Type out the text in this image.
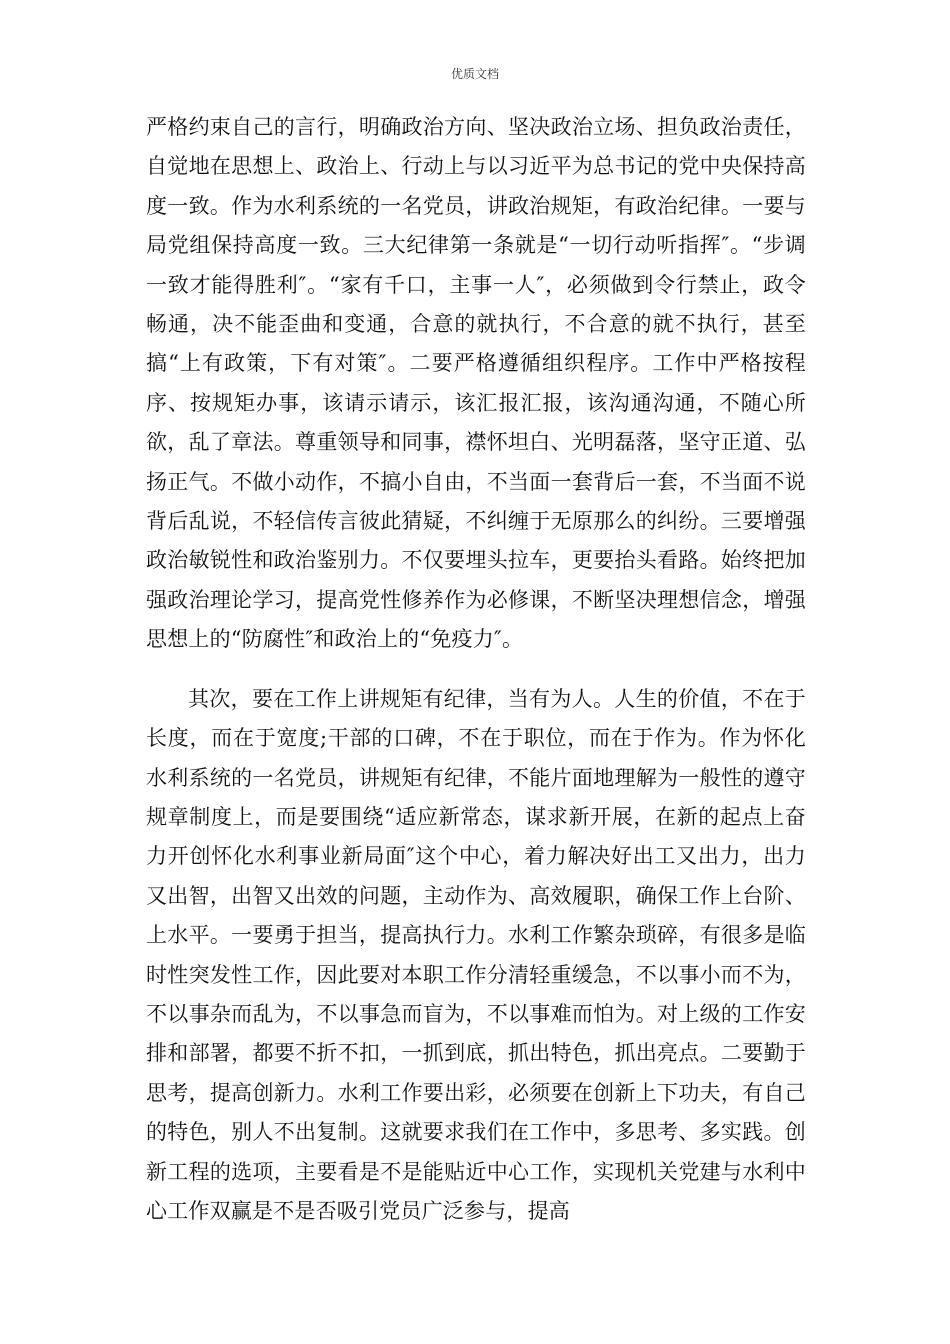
优质文档

严格约束自己的言行，明确政治方向、坚决政治立场、担负政治责任，自觉地在思想上、政治上、行动上与以习近平为总书记的党中央保持高度一致。作为水利系统的一名党员，讲政治规矩，有政治纪律。一要与局党组保持高度一致。三大纪律第一条就是“一切行动听指挥″。“步调一致才能得胜利″。“家有千口，主事一人″，必须做到令行禁止，政令畅通，决不能歪曲和变通，合意的就执行，不合意的就不执行，甚至搞“上有政策，下有对策″。二要严格遵循组织程序。工作中严格按程序、按规矩办事，该请示请示，该汇报汇报，该沟通沟通，不随心所欲，乱了章法。尊重领导和同事，襟怀坦白、光明磊落，坚守正道、弘扬正气。不做小动作，不搞小自由，不当面一套背后一套，不当面不说背后乱说，不轻信传言彼此猜疑，不纠缠于无原那么的纠纷。三要增强政治敏锐性和政治鉴别力。不仅要埋头拉车，更要抬头看路。始终把加强政治理论学习，提高党性修养作为必修课，不断坚决理想信念，增强思想上的“防腐性″和政治上的“免疫力″。

其次，要在工作上讲规矩有纪律，当有为人。人生的价值，不在于长度，而在于宽度;干部的口碑，不在于职位，而在于作为。作为怀化水利系统的一名党员，讲规矩有纪律，不能片面地理解为一般性的遵守规章制度上，而是要围绕“适应新常态，谋求新开展，在新的起点上奋力开创怀化水利事业新局面″这个中心，着力解决好出工又出力，出力又出智，出智又出效的问题，主动作为、高效履职，确保工作上台阶、上水平。一要勇于担当，提高执行力。水利工作繁杂琐碎，有很多是临时性突发性工作，因此要对本职工作分清轻重缓急，不以事小而不为，不以事杂而乱为，不以事急而盲为，不以事难而怕为。对上级的工作安排和部署，都要不折不扣，一抓到底，抓出特色，抓出亮点。二要勤于思考，提高创新力。水利工作要出彩，必须要在创新上下功夫，有自己的特色，别人不出复制。这就要求我们在工作中，多思考、多实践。创新工程的选项，主要看是不是能贴近中心工作，实现机关党建与水利中心工作双赢是不是否吸引党员广泛参与，提高
